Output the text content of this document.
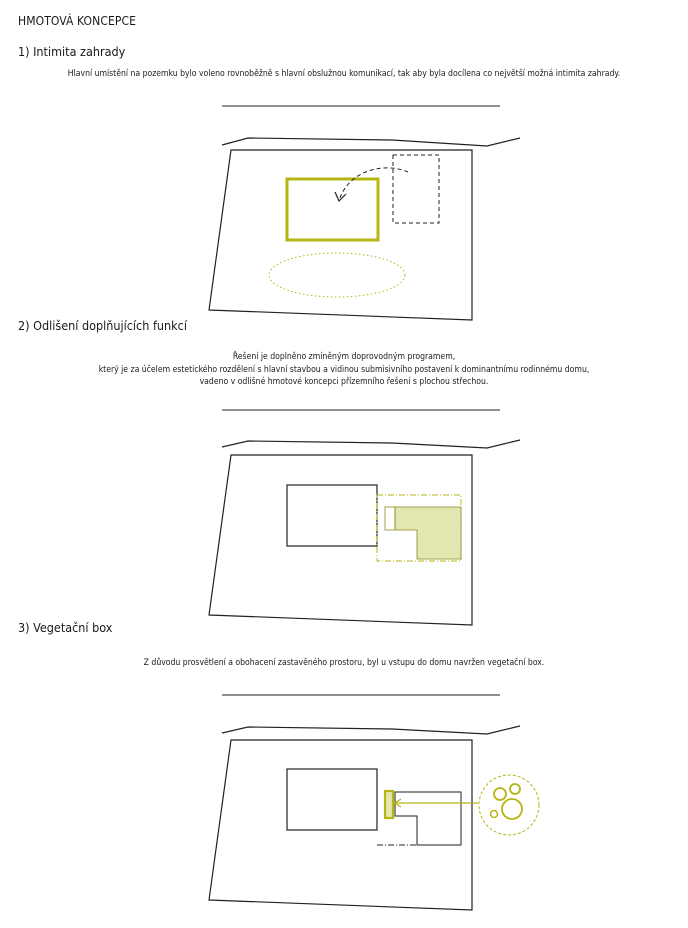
HMOTOVÁ KONCEPCE
1) Intimita zahrady
Hlavní umístění na pozemku bylo voleno rovnoběžně s hlavní obslužnou komunikací, tak aby byla docílena co největší možná intimita zahrady.
2) Odlišení doplňujících funkcí
Řešení je doplněno zmíněným doprovodným programem,
který je za účelem estetického rozdělení s hlavní stavbou a vidinou submisivního postavení k dominantnímu rodinnému domu,
vadeno v odlišné hmotové koncepci přízemního řešení s plochou střechou.
3) Vegetační box
Z důvodu prosvětlení a obohacení zastavěného prostoru, byl u vstupu do domu navržen vegetační box.
